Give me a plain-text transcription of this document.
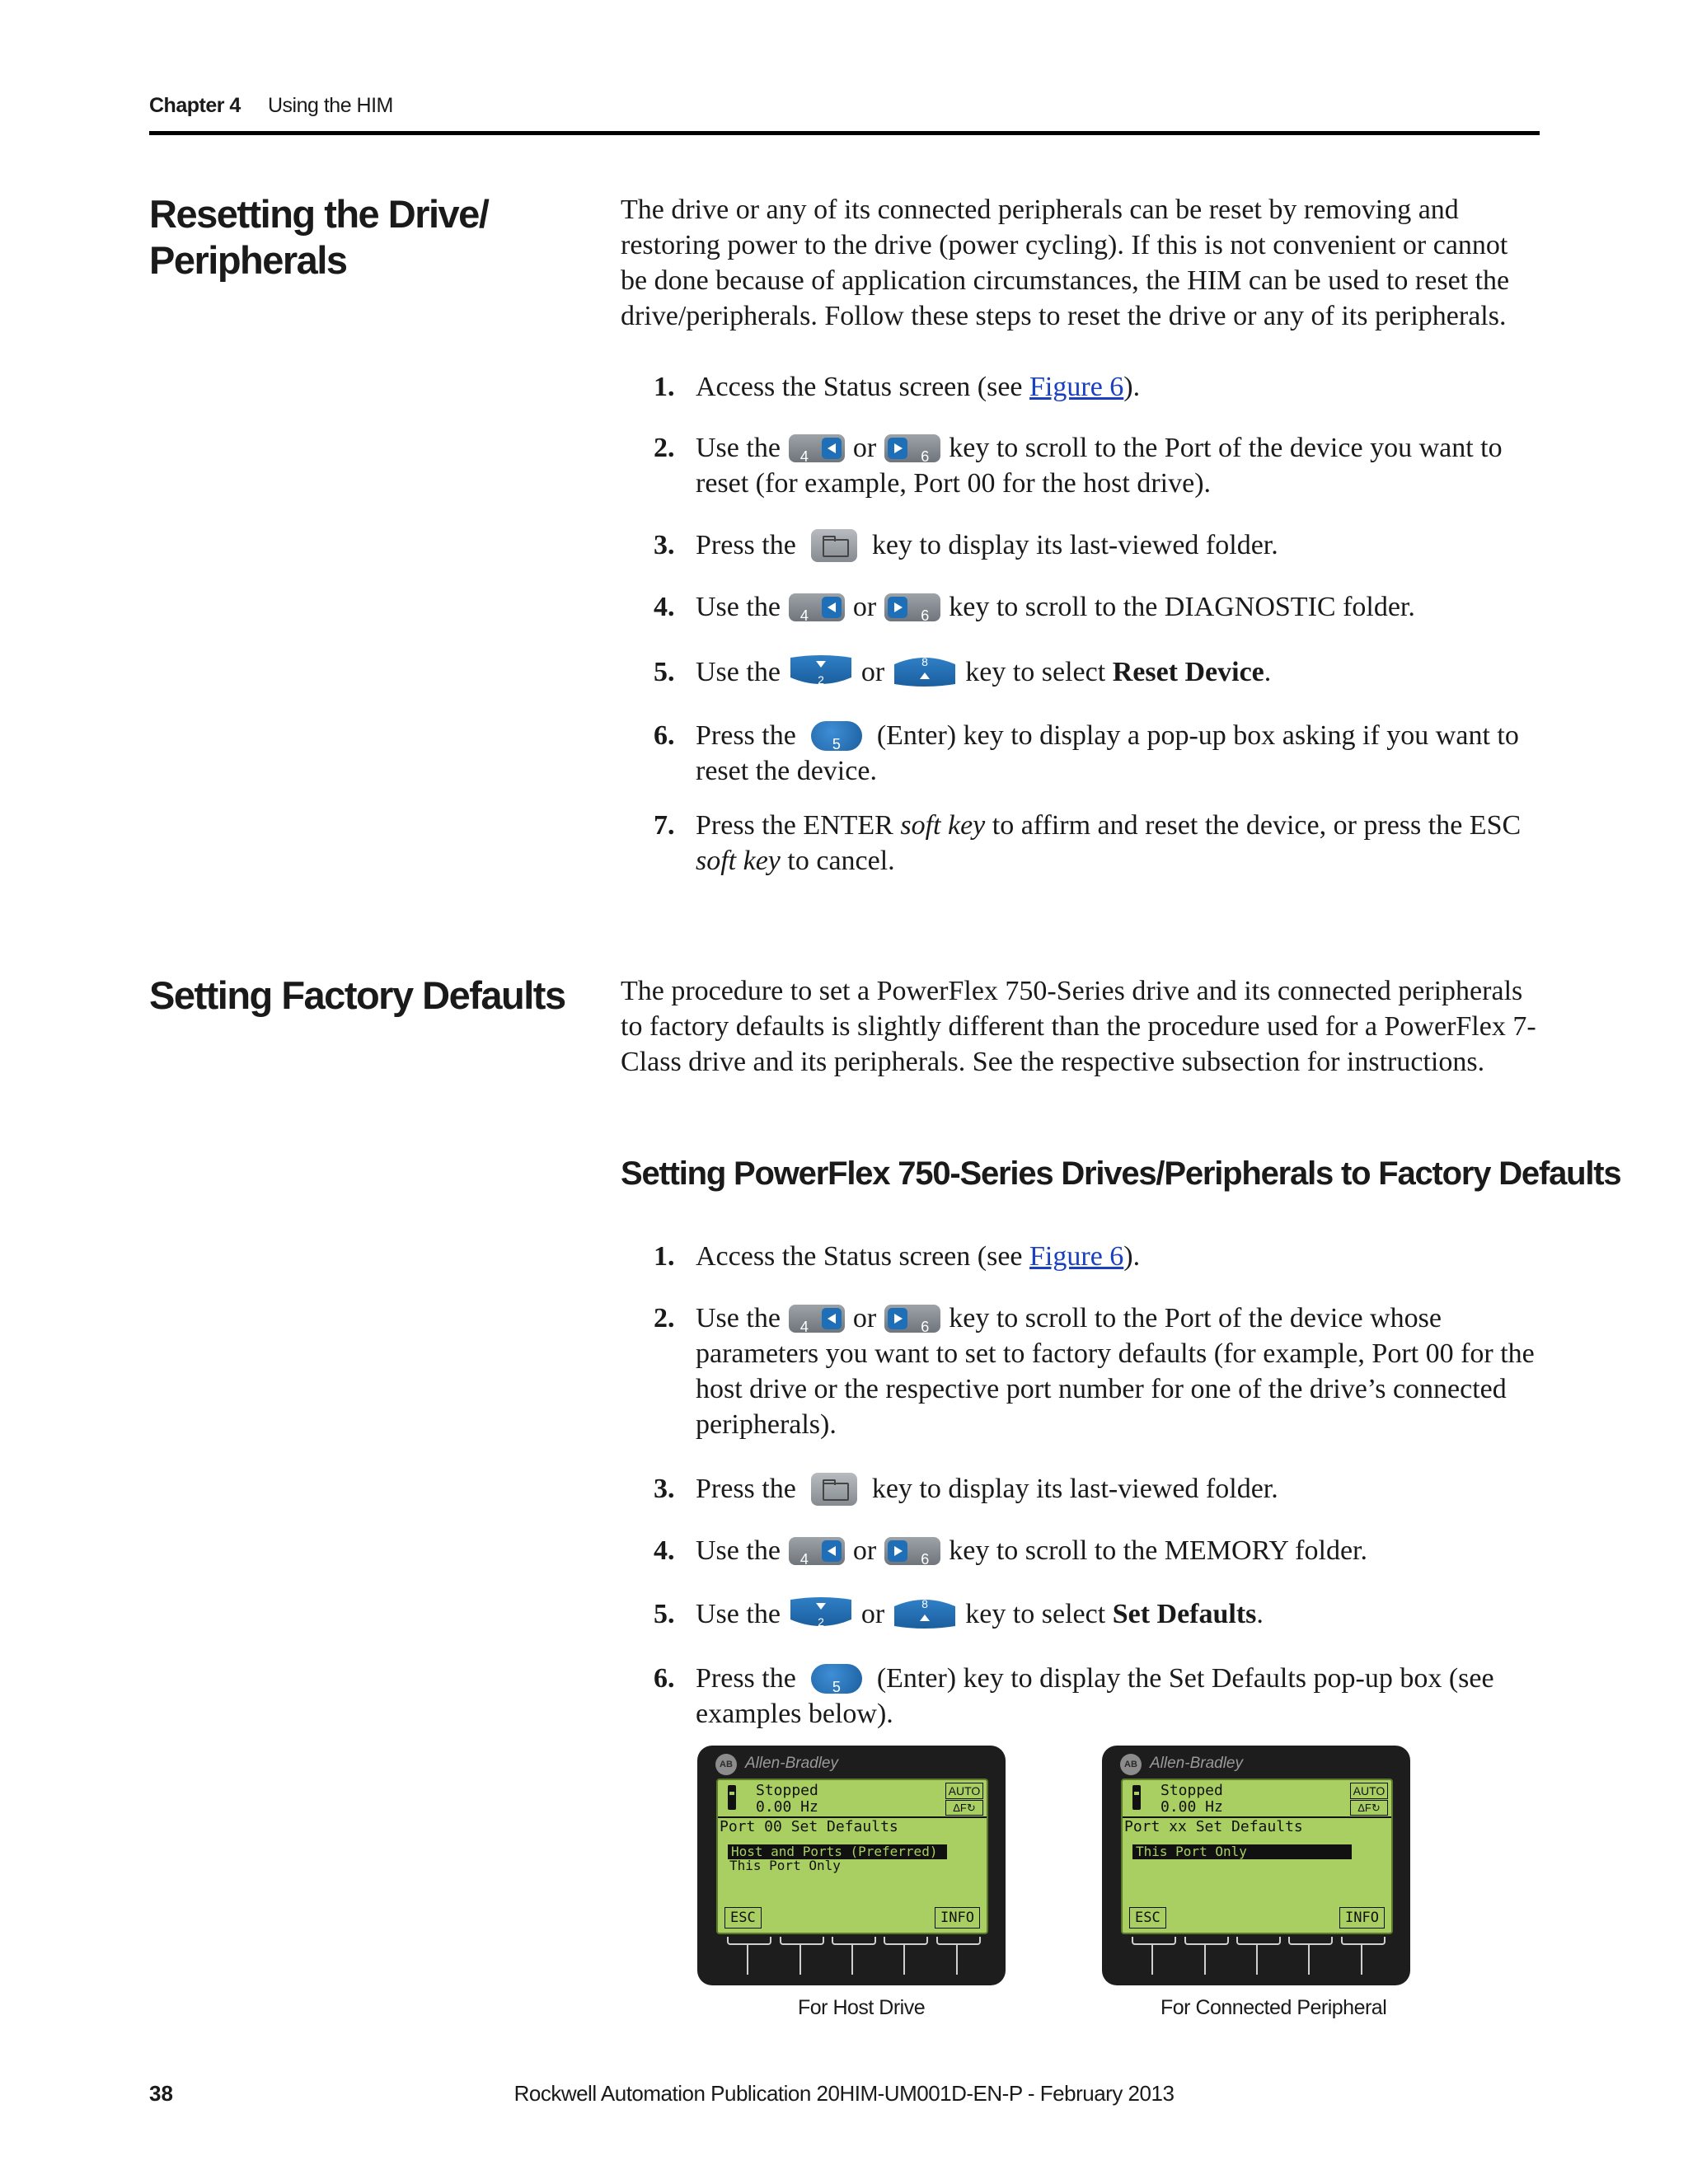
Chapter 4 Using the HIM
Resetting the Drive/
Peripherals

The drive or any of its connected peripherals can be reset by removing and restoring power to the drive (power cycling). If this is not convenient or cannot be done because of application circumstances, the HIM can be used to reset the drive/peripherals. Follow these steps to reset the drive or any of its peripherals.

1. Access the Status screen (see Figure 6).
2. Use the 4 or	6 key to scroll to the Port of the device you want to
reset (for example, Port 00 for the host drive).
3. Press the	key to display its last-viewed folder.
4. Use the 4 or	6 key to scroll to the DIAGNOSTIC folder.
5. Use the	2 or	8 key to select Reset Device.
6. Press the	5	(Enter) key to display a pop-up box asking if you want to
reset the device.
7. Press the ENTER soft key to affirm and reset the device, or press the ESC
soft key to cancel.
Setting Factory Defaults	The procedure to set a PowerFlex 750-Series drive and its connected peripherals to factory defaults is slightly different than the procedure used for a PowerFlex 7-Class drive and its peripherals. See the respective subsection for instructions.

Setting PowerFlex 750-Series Drives/Peripherals to Factory Defaults
1. Access the Status screen (see Figure 6).
2. Use the 4 or	6 key to scroll to the Port of the device whose
parameters you want to set to factory defaults (for example, Port 00 for the host drive or the respective port number for one of the drive’s connected peripherals).
3. Press the	key to display its last-viewed folder.
4. Use the 4 or	6 key to scroll to the MEMORY folder.
5. Use the	2 or	8 key to select Set Defaults.
6. Press the	5	(Enter) key to display the Set Defaults pop-up box (see
examples below).
AB Allen-Bradley
Stopped
0.00 Hz
AUTO
ΔF↻
Port 00 Set Defaults
Host and Ports (Preferred)
This Port Only
ESC	INFO
For Host Drive
AB Allen-Bradley
Stopped
0.00 Hz
AUTO
ΔF↻
Port xx Set Defaults
This Port Only
ESC	INFO
For Connected Peripheral
38	Rockwell Automation Publication 20HIM-UM001D-EN-P - February 2013
